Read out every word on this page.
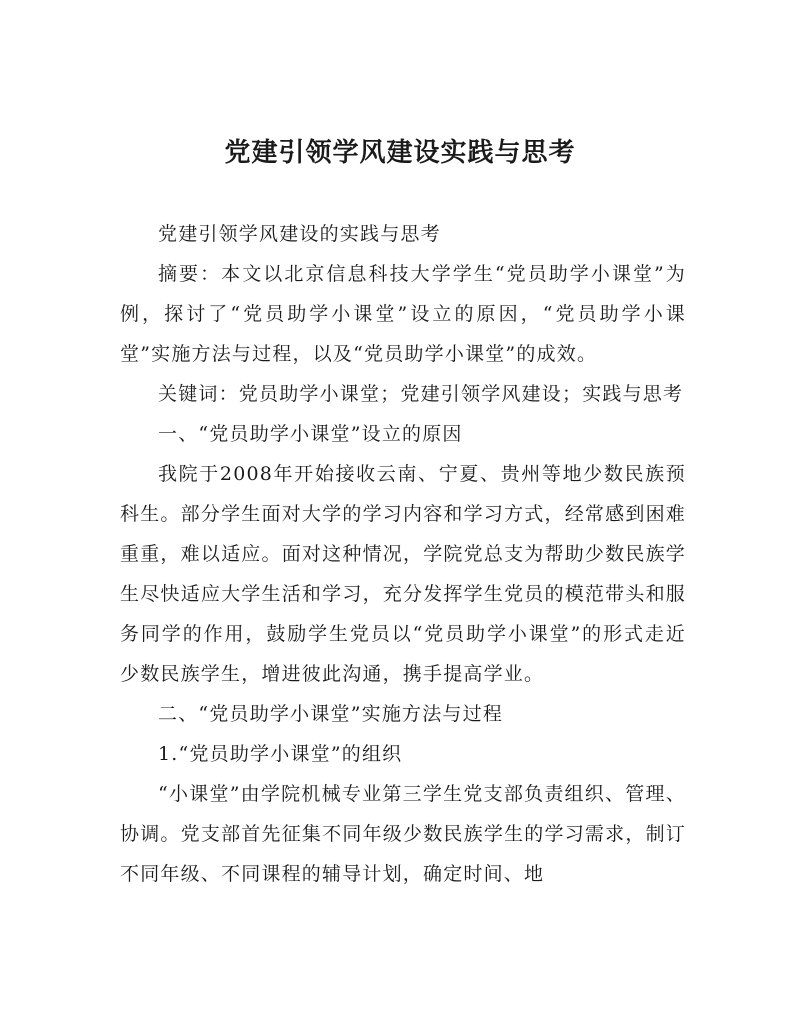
党建引领学风建设实践与思考

党建引领学风建设的实践与思考

摘要：本文以北京信息科技大学学生“党员助学小课堂”为例，探讨了“党员助学小课堂”设立的原因，“党员助学小课堂”实施方法与过程，以及“党员助学小课堂”的成效。

关键词：党员助学小课堂；党建引领学风建设；实践与思考

一、“党员助学小课堂”设立的原因

我院于2008年开始接收云南、宁夏、贵州等地少数民族预科生。部分学生面对大学的学习内容和学习方式，经常感到困难重重，难以适应。面对这种情况，学院党总支为帮助少数民族学生尽快适应大学生活和学习，充分发挥学生党员的模范带头和服务同学的作用，鼓励学生党员以“党员助学小课堂”的形式走近少数民族学生，增进彼此沟通，携手提高学业。

二、“党员助学小课堂”实施方法与过程

1.“党员助学小课堂”的组织

“小课堂”由学院机械专业第三学生党支部负责组织、管理、协调。党支部首先征集不同年级少数民族学生的学习需求，制订不同年级、不同课程的辅导计划，确定时间、地
